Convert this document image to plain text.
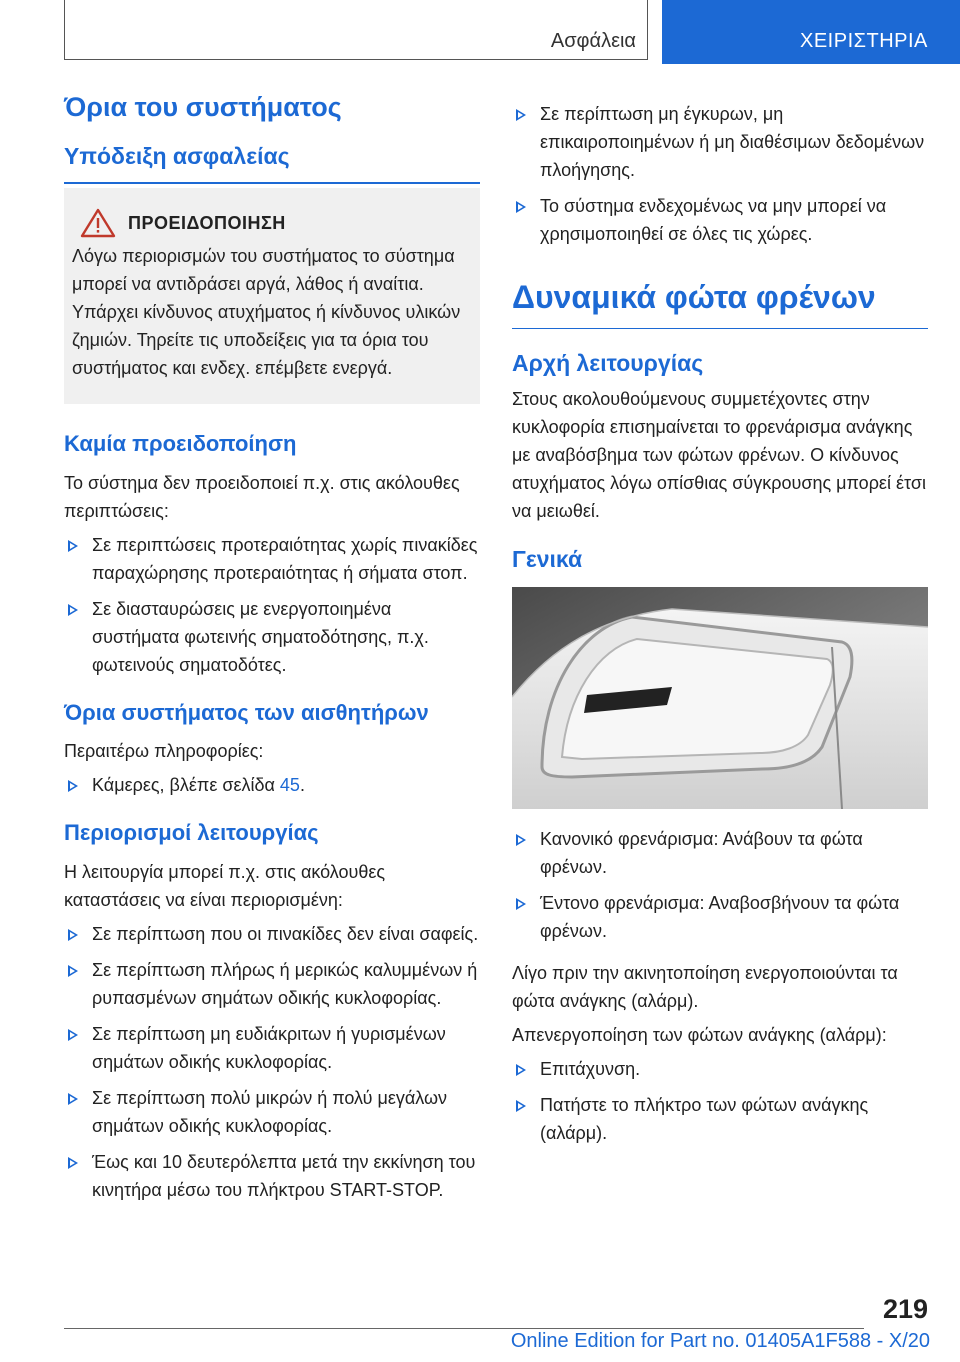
Ασφάλεια	ΧΕΙΡΙΣΤΗΡΙΑ
Όρια του συστήματος
Υπόδειξη ασφαλείας
ΠΡΟΕΙΔΟΠΟΙΗΣΗ

Λόγω περιορισμών του συστήματος το σύστημα μπορεί να αντιδράσει αργά, λάθος ή αναίτια. Υπάρχει κίνδυνος ατυχήματος ή κίνδυνος υλικών ζημιών. Τηρείτε τις υποδείξεις για τα όρια του συστήματος και ενδεχ. επέμβετε ενεργά.

Καμία προειδοποίηση

Το σύστημα δεν προειδοποιεί π.χ. στις ακόλουθες περιπτώσεις:

Σε περιπτώσεις προτεραιότητας χωρίς πινακίδες παραχώρησης προτεραιότητας ή σήματα στοπ.
Σε διασταυρώσεις με ενεργοποιημένα συστήματα φωτεινής σηματοδότησης, π.χ. φωτεινούς σηματοδότες.
Όρια συστήματος των αισθητήρων

Περαιτέρω πληροφορίες:

Κάμερες, βλέπε σελίδα 45.
Περιορισμοί λειτουργίας

Η λειτουργία μπορεί π.χ. στις ακόλουθες καταστάσεις να είναι περιορισμένη:

Σε περίπτωση που οι πινακίδες δεν είναι σαφείς.
Σε περίπτωση πλήρως ή μερικώς καλυμμένων ή ρυπασμένων σημάτων οδικής κυκλοφορίας.
Σε περίπτωση μη ευδιάκριτων ή γυρισμένων σημάτων οδικής κυκλοφορίας.
Σε περίπτωση πολύ μικρών ή πολύ μεγάλων σημάτων οδικής κυκλοφορίας.
Έως και 10 δευτερόλεπτα μετά την εκκίνηση του κινητήρα μέσω του πλήκτρου START-STOP.
Σε περίπτωση μη έγκυρων, μη επικαιροποιημένων ή μη διαθέσιμων δεδομένων πλοήγησης.
Το σύστημα ενδεχομένως να μην μπορεί να χρησιμοποιηθεί σε όλες τις χώρες.
Δυναμικά φώτα φρένων
Αρχή λειτουργίας

Στους ακολουθούμενους συμμετέχοντες στην κυκλοφορία επισημαίνεται το φρενάρισμα ανάγκης με αναβόσβημα των φώτων φρένων. Ο κίνδυνος ατυχήματος λόγω οπίσθιας σύγκρουσης μπορεί έτσι να μειωθεί.

Γενικά
Κανονικό φρενάρισμα: Ανάβουν τα φώτα φρένων.
Έντονο φρενάρισμα: Αναβοσβήνουν τα φώτα φρένων.

Λίγο πριν την ακινητοποίηση ενεργοποιούνται τα φώτα ανάγκης (αλάρμ).

Απενεργοποίηση των φώτων ανάγκης (αλάρμ):

Επιτάχυνση.
Πατήστε το πλήκτρο των φώτων ανάγκης (αλάρμ).
219
Online Edition for Part no. 01405A1F588 - X/20
